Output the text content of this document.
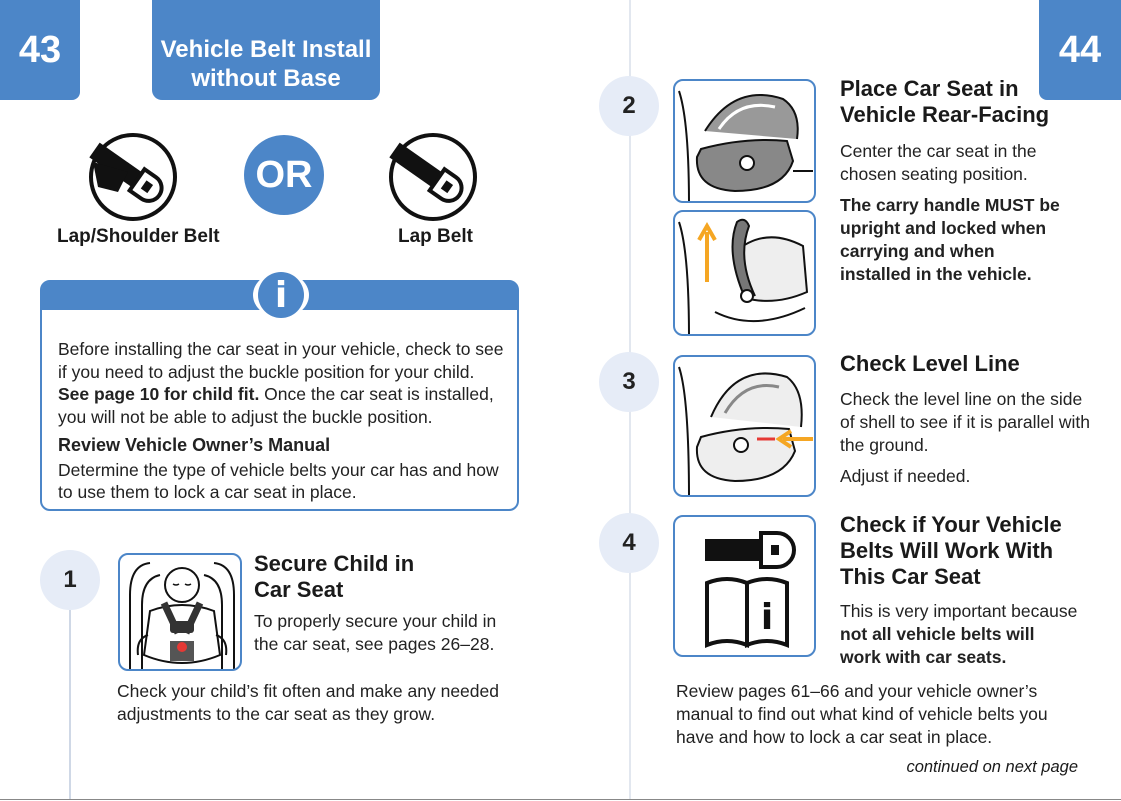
43	Vehicle Belt Install
without Base
Lap/Shoulder Belt
OR
Lap Belt

Before installing the car seat in your vehicle, check to see if you need to adjust the buckle position for your child. See page 10 for child fit. Once the car seat is installed, you will not be able to adjust the buckle position.

Review Vehicle Owner’s Manual

Determine the type of vehicle belts your car has and how to use them to lock a car seat in place.

i
1
Secure Child in
Car Seat
To properly secure your child in the car seat, see pages 26–28.
Check your child’s fit often and make any needed adjustments to the car seat as they grow.
44
2
Place Car Seat in
Vehicle Rear-Facing

Center the car seat in the chosen seating position.

The carry handle MUST be upright and locked when carrying and when installed in the vehicle.

3
Check Level Line

Check the level line on the side of shell to see if it is parallel with the ground.

Adjust if needed.

4
i
Check if Your Vehicle
Belts Will Work With
This Car Seat
This is very important because not all vehicle belts will work with car seats.
Review pages 61–66 and your vehicle owner’s manual to find out what kind of vehicle belts you have and how to lock a car seat in place.
continued on next page
